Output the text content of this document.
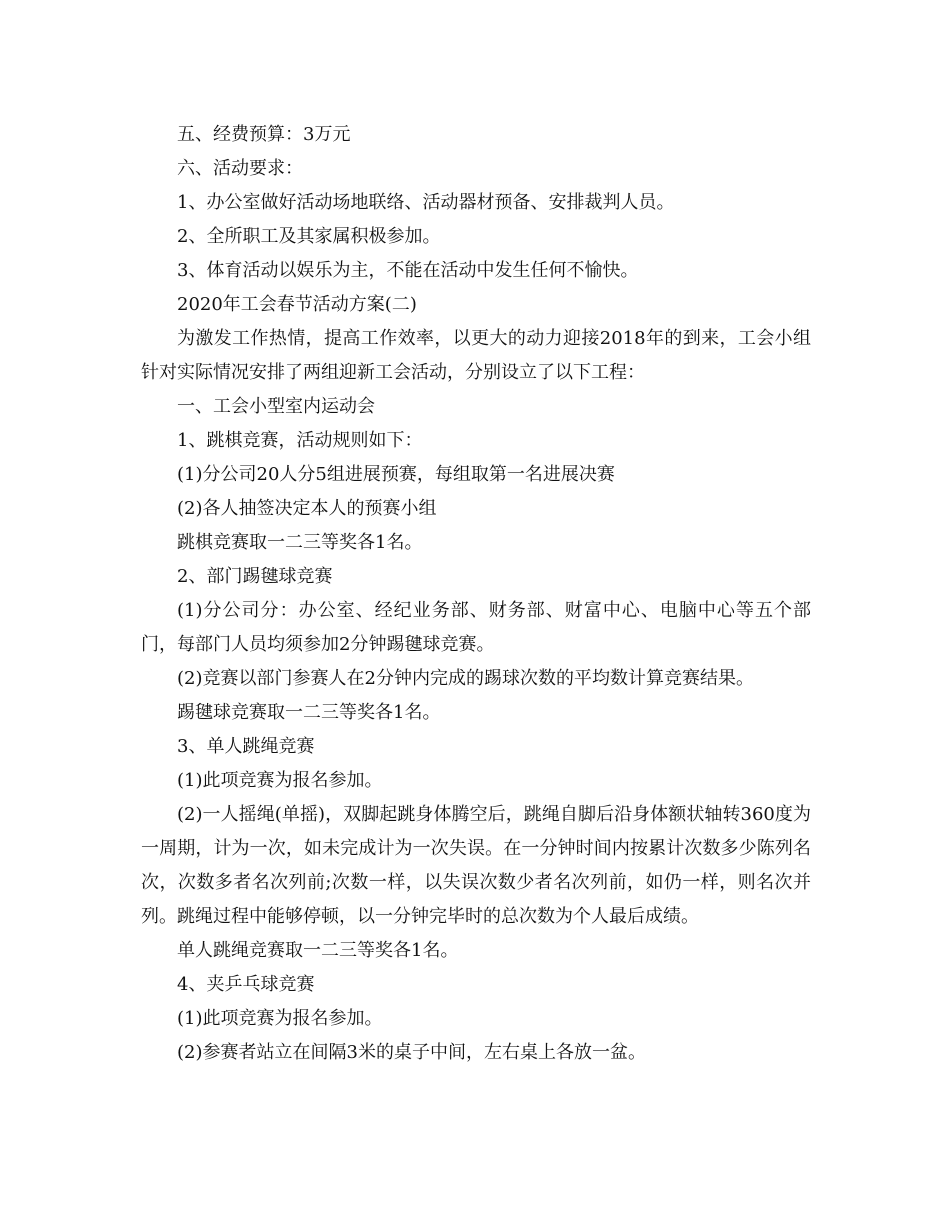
五、经费预算：3万元

六、活动要求：

1、办公室做好活动场地联络、活动器材预备、安排裁判人员。

2、全所职工及其家属积极参加。

3、体育活动以娱乐为主，不能在活动中发生任何不愉快。

2020年工会春节活动方案(二)

为激发工作热情，提高工作效率，以更大的动力迎接2018年的到来，工会小组针对实际情况安排了两组迎新工会活动，分别设立了以下工程：

一、工会小型室内运动会

1、跳棋竞赛，活动规则如下：

(1)分公司20人分5组进展预赛，每组取第一名进展决赛

(2)各人抽签决定本人的预赛小组

跳棋竞赛取一二三等奖各1名。

2、部门踢毽球竞赛

(1)分公司分：办公室、经纪业务部、财务部、财富中心、电脑中心等五个部门，每部门人员均须参加2分钟踢毽球竞赛。

(2)竞赛以部门参赛人在2分钟内完成的踢球次数的平均数计算竞赛结果。

踢毽球竞赛取一二三等奖各1名。

3、单人跳绳竞赛

(1)此项竞赛为报名参加。

(2)一人摇绳(单摇)，双脚起跳身体腾空后，跳绳自脚后沿身体额状轴转360度为一周期，计为一次，如未完成计为一次失误。在一分钟时间内按累计次数多少陈列名次，次数多者名次列前;次数一样，以失误次数少者名次列前，如仍一样，则名次并列。跳绳过程中能够停顿，以一分钟完毕时的总次数为个人最后成绩。

单人跳绳竞赛取一二三等奖各1名。

4、夹乒乓球竞赛

(1)此项竞赛为报名参加。

(2)参赛者站立在间隔3米的桌子中间，左右桌上各放一盆。
